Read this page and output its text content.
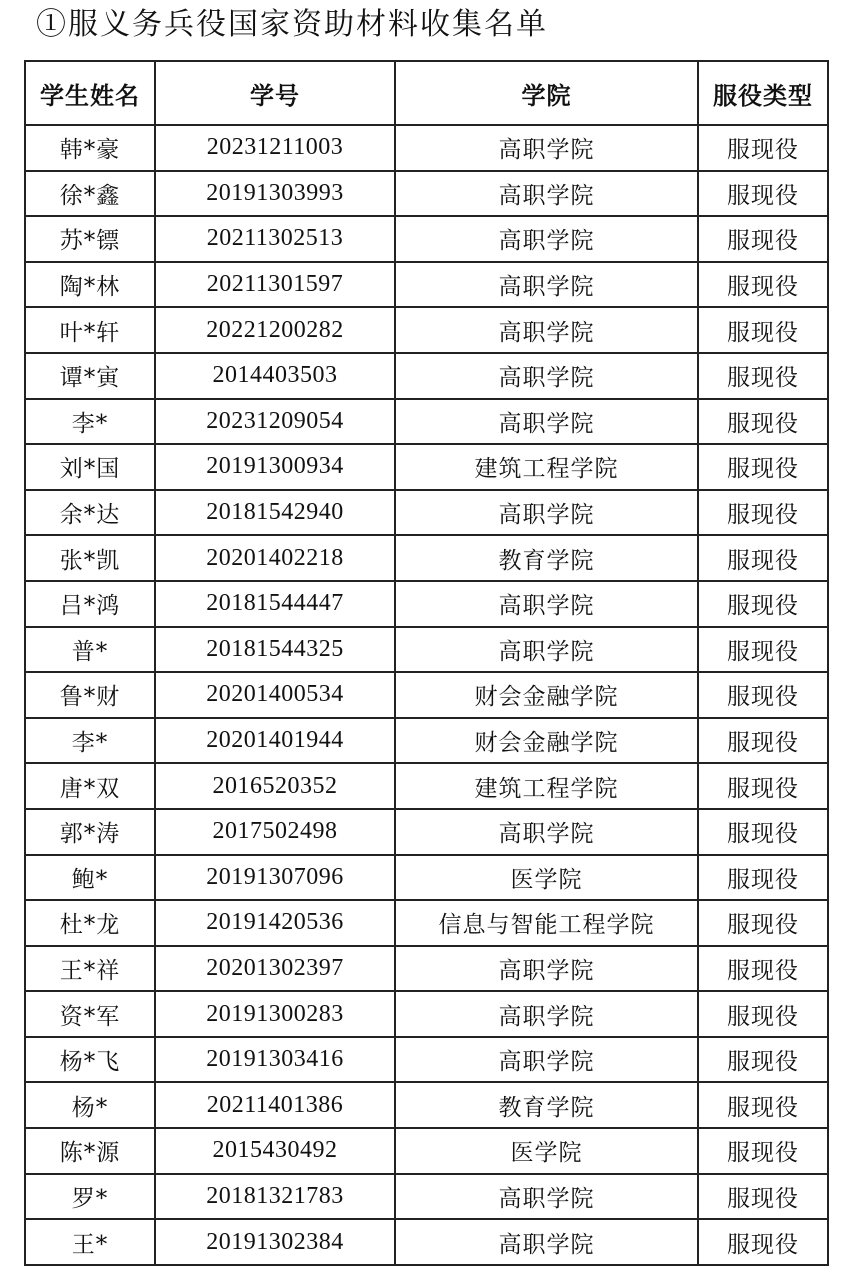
①服义务兵役国家资助材料收集名单
学生姓名	学号	学院	服役类型
韩*豪	20231211003	高职学院	服现役
徐*鑫	20191303993	高职学院	服现役
苏*镖	20211302513	高职学院	服现役
陶*林	20211301597	高职学院	服现役
叶*轩	20221200282	高职学院	服现役
谭*寅	2014403503	高职学院	服现役
李*	20231209054	高职学院	服现役
刘*国	20191300934	建筑工程学院	服现役
余*达	20181542940	高职学院	服现役
张*凯	20201402218	教育学院	服现役
吕*鸿	20181544447	高职学院	服现役
普*	20181544325	高职学院	服现役
鲁*财	20201400534	财会金融学院	服现役
李*	20201401944	财会金融学院	服现役
唐*双	2016520352	建筑工程学院	服现役
郭*涛	2017502498	高职学院	服现役
鲍*	20191307096	医学院	服现役
杜*龙	20191420536	信息与智能工程学院	服现役
王*祥	20201302397	高职学院	服现役
资*军	20191300283	高职学院	服现役
杨*飞	20191303416	高职学院	服现役
杨*	20211401386	教育学院	服现役
陈*源	2015430492	医学院	服现役
罗*	20181321783	高职学院	服现役
王*	20191302384	高职学院	服现役
